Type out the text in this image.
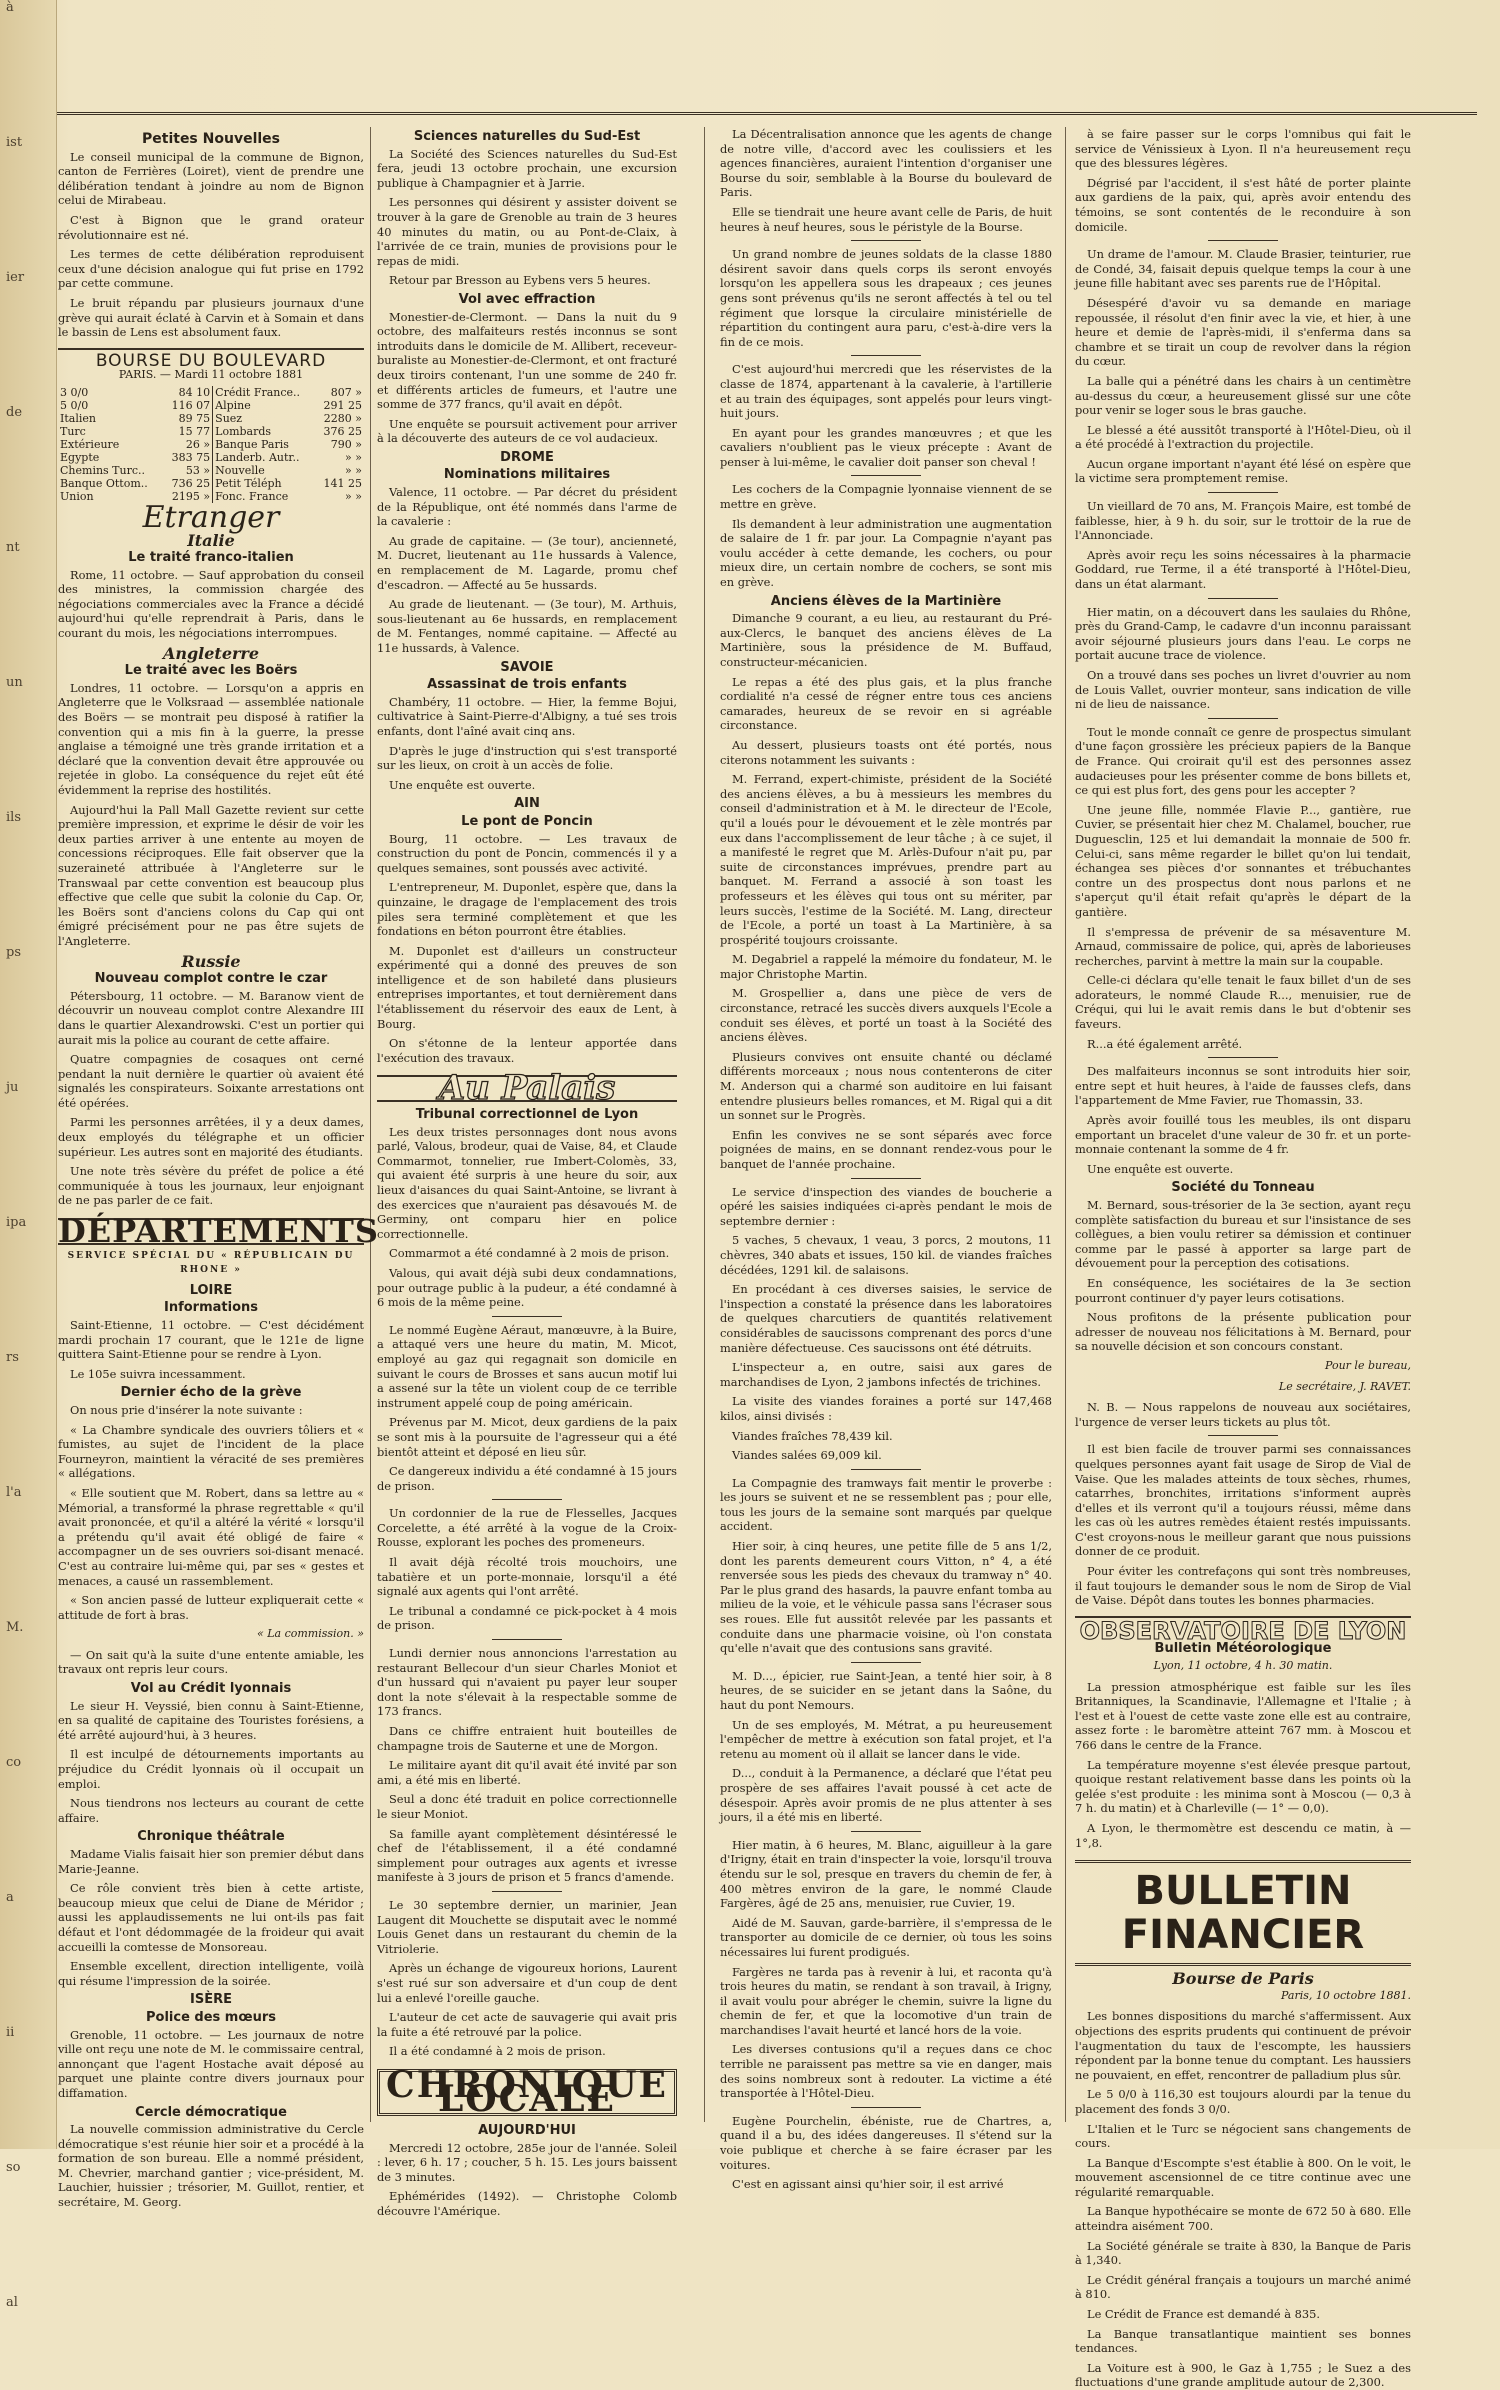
à
ist
ier
de
nt
un
ils
ps
ju
ipa
rs
l'a
M.
co
a
ii
so
al
Petites Nouvelles

Le conseil municipal de la commune de Bignon, canton de Ferrières (Loiret), vient de prendre une délibération tendant à joindre au nom de Bignon celui de Mirabeau.

C'est à Bignon que le grand orateur révolutionnaire est né.

Les termes de cette délibération reproduisent ceux d'une décision analogue qui fut prise en 1792 par cette commune.

Le bruit répandu par plusieurs journaux d'une grève qui aurait éclaté à Carvin et à Somain et dans le bassin de Lens est absolument faux.

BOURSE DU BOULEVARD
PARIS. — Mardi 11 octobre 1881
3 0/0	84 10	Crédit France..	807 »
5 0/0	116 07	Alpine	291 25
Italien	89 75	Suez	2280 »
Turc	15 77	Lombards	376 25
Extérieure	26 »	Banque Paris	790 »
Egypte	383 75	Landerb. Autr..	» »
Chemins Turc..	53 »	Nouvelle	» »
Banque Ottom..	736 25	Petit Téléph	141 25
Union	2195 »	Fonc. France	» »
Etranger
Italie
Le traité franco-italien

Rome, 11 octobre. — Sauf approbation du conseil des ministres, la commission chargée des négociations commerciales avec la France a décidé aujourd'hui qu'elle reprendrait à Paris, dans le courant du mois, les négociations interrompues.

Angleterre
Le traité avec les Boërs

Londres, 11 octobre. — Lorsqu'on a appris en Angleterre que le Volksraad — assemblée nationale des Boërs — se montrait peu disposé à ratifier la convention qui a mis fin à la guerre, la presse anglaise a témoigné une très grande irritation et a déclaré que la convention devait être approuvée ou rejetée in globo. La conséquence du rejet eût été évidemment la reprise des hostilités.

Aujourd'hui la Pall Mall Gazette revient sur cette première impression, et exprime le désir de voir les deux parties arriver à une entente au moyen de concessions réciproques. Elle fait observer que la suzeraineté attribuée à l'Angleterre sur le Transwaal par cette convention est beaucoup plus effective que celle que subit la colonie du Cap. Or, les Boërs sont d'anciens colons du Cap qui ont émigré précisément pour ne pas être sujets de l'Angleterre.

Russie
Nouveau complot contre le czar

Pétersbourg, 11 octobre. — M. Baranow vient de découvrir un nouveau complot contre Alexandre III dans le quartier Alexandrowski. C'est un portier qui aurait mis la police au courant de cette affaire.

Quatre compagnies de cosaques ont cerné pendant la nuit dernière le quartier où avaient été signalés les conspirateurs. Soixante arrestations ont été opérées.

Parmi les personnes arrêtées, il y a deux dames, deux employés du télégraphe et un officier supérieur. Les autres sont en majorité des étudiants.

Une note très sévère du préfet de police a été communiquée à tous les journaux, leur enjoignant de ne pas parler de ce fait.

DÉPARTEMENTS
SERVICE SPÉCIAL DU « RÉPUBLICAIN DU RHONE »
LOIRE
Informations

Saint-Etienne, 11 octobre. — C'est décidément mardi prochain 17 courant, que le 121e de ligne quittera Saint-Etienne pour se rendre à Lyon.

Le 105e suivra incessamment.

Dernier écho de la grève

On nous prie d'insérer la note suivante :

« La Chambre syndicale des ouvriers tôliers et « fumistes, au sujet de l'incident de la place Fourneyron, maintient la véracité de ses premières « allégations.

« Elle soutient que M. Robert, dans sa lettre au « Mémorial, a transformé la phrase regrettable « qu'il avait prononcée, et qu'il a altéré la vérité « lorsqu'il a prétendu qu'il avait été obligé de faire « accompagner un de ses ouvriers soi-disant menacé. C'est au contraire lui-même qui, par ses « gestes et menaces, a causé un rassemblement.

« Son ancien passé de lutteur expliquerait cette « attitude de fort à bras.

« La commission. »

— On sait qu'à la suite d'une entente amiable, les travaux ont repris leur cours.

Vol au Crédit lyonnais

Le sieur H. Veyssié, bien connu à Saint-Etienne, en sa qualité de capitaine des Touristes forésiens, a été arrêté aujourd'hui, à 3 heures.

Il est inculpé de détournements importants au préjudice du Crédit lyonnais où il occupait un emploi.

Nous tiendrons nos lecteurs au courant de cette affaire.

Chronique théâtrale

Madame Vialis faisait hier son premier début dans Marie-Jeanne.

Ce rôle convient très bien à cette artiste, beaucoup mieux que celui de Diane de Méridor ; aussi les applaudissements ne lui ont-ils pas fait défaut et l'ont dédommagée de la froideur qui avait accueilli la comtesse de Monsoreau.

Ensemble excellent, direction intelligente, voilà qui résume l'impression de la soirée.

ISÈRE
Police des mœurs

Grenoble, 11 octobre. — Les journaux de notre ville ont reçu une note de M. le commissaire central, annonçant que l'agent Hostache avait déposé au parquet une plainte contre divers journaux pour diffamation.

Cercle démocratique

La nouvelle commission administrative du Cercle démocratique s'est réunie hier soir et a procédé à la formation de son bureau. Elle a nommé président, M. Chevrier, marchand gantier ; vice-président, M. Lauchier, huissier ; trésorier, M. Guillot, rentier, et secrétaire, M. Georg.

Sciences naturelles du Sud-Est

La Société des Sciences naturelles du Sud-Est fera, jeudi 13 octobre prochain, une excursion publique à Champagnier et à Jarrie.

Les personnes qui désirent y assister doivent se trouver à la gare de Grenoble au train de 3 heures 40 minutes du matin, ou au Pont-de-Claix, à l'arrivée de ce train, munies de provisions pour le repas de midi.

Retour par Bresson au Eybens vers 5 heures.

Vol avec effraction

Monestier-de-Clermont. — Dans la nuit du 9 octobre, des malfaiteurs restés inconnus se sont introduits dans le domicile de M. Allibert, receveur-buraliste au Monestier-de-Clermont, et ont fracturé deux tiroirs contenant, l'un une somme de 240 fr. et différents articles de fumeurs, et l'autre une somme de 377 francs, qu'il avait en dépôt.

Une enquête se poursuit activement pour arriver à la découverte des auteurs de ce vol audacieux.

DROME
Nominations militaires

Valence, 11 octobre. — Par décret du président de la République, ont été nommés dans l'arme de la cavalerie :

Au grade de capitaine. — (3e tour), ancienneté, M. Ducret, lieutenant au 11e hussards à Valence, en remplacement de M. Lagarde, promu chef d'escadron. — Affecté au 5e hussards.

Au grade de lieutenant. — (3e tour), M. Arthuis, sous-lieutenant au 6e hussards, en remplacement de M. Fentanges, nommé capitaine. — Affecté au 11e hussards, à Valence.

SAVOIE
Assassinat de trois enfants

Chambéry, 11 octobre. — Hier, la femme Bojui, cultivatrice à Saint-Pierre-d'Albigny, a tué ses trois enfants, dont l'aîné avait cinq ans.

D'après le juge d'instruction qui s'est transporté sur les lieux, on croit à un accès de folie.

Une enquête est ouverte.

AIN
Le pont de Poncin

Bourg, 11 octobre. — Les travaux de construction du pont de Poncin, commencés il y a quelques semaines, sont poussés avec activité.

L'entrepreneur, M. Duponlet, espère que, dans la quinzaine, le dragage de l'emplacement des trois piles sera terminé complètement et que les fondations en béton pourront être établies.

M. Duponlet est d'ailleurs un constructeur expérimenté qui a donné des preuves de son intelligence et de son habileté dans plusieurs entreprises importantes, et tout dernièrement dans l'établissement du réservoir des eaux de Lent, à Bourg.

On s'étonne de la lenteur apportée dans l'exécution des travaux.

Au Palais
Tribunal correctionnel de Lyon

Les deux tristes personnages dont nous avons parlé, Valous, brodeur, quai de Vaise, 84, et Claude Commarmot, tonnelier, rue Imbert-Colomès, 33, qui avaient été surpris à une heure du soir, aux lieux d'aisances du quai Saint-Antoine, se livrant à des exercices que n'auraient pas désavoués M. de Germiny, ont comparu hier en police correctionnelle.

Commarmot a été condamné à 2 mois de prison.

Valous, qui avait déjà subi deux condamnations, pour outrage public à la pudeur, a été condamné à 6 mois de la même peine.

Le nommé Eugène Aéraut, manœuvre, à la Buire, a attaqué vers une heure du matin, M. Micot, employé au gaz qui regagnait son domicile en suivant le cours de Brosses et sans aucun motif lui a assené sur la tête un violent coup de ce terrible instrument appelé coup de poing américain.

Prévenus par M. Micot, deux gardiens de la paix se sont mis à la poursuite de l'agresseur qui a été bientôt atteint et déposé en lieu sûr.

Ce dangereux individu a été condamné à 15 jours de prison.

Un cordonnier de la rue de Flesselles, Jacques Corcelette, a été arrêté à la vogue de la Croix-Rousse, explorant les poches des promeneurs.

Il avait déjà récolté trois mouchoirs, une tabatière et un porte-monnaie, lorsqu'il a été signalé aux agents qui l'ont arrêté.

Le tribunal a condamné ce pick-pocket à 4 mois de prison.

Lundi dernier nous annoncions l'arrestation au restaurant Bellecour d'un sieur Charles Moniot et d'un hussard qui n'avaient pu payer leur souper dont la note s'élevait à la respectable somme de 173 francs.

Dans ce chiffre entraient huit bouteilles de champagne trois de Sauterne et une de Morgon.

Le militaire ayant dit qu'il avait été invité par son ami, a été mis en liberté.

Seul a donc été traduit en police correctionnelle le sieur Moniot.

Sa famille ayant complètement désintéressé le chef de l'établissement, il a été condamné simplement pour outrages aux agents et ivresse manifeste à 3 jours de prison et 5 francs d'amende.

Le 30 septembre dernier, un marinier, Jean Laugent dit Mouchette se disputait avec le nommé Louis Genet dans un restaurant du chemin de la Vitriolerie.

Après un échange de vigoureux horions, Laurent s'est rué sur son adversaire et d'un coup de dent lui a enlevé l'oreille gauche.

L'auteur de cet acte de sauvagerie qui avait pris la fuite a été retrouvé par la police.

Il a été condamné à 2 mois de prison.

CHRONIQUE LOCALE
AUJOURD'HUI

Mercredi 12 octobre, 285e jour de l'année. Soleil : lever, 6 h. 17 ; coucher, 5 h. 15. Les jours baissent de 3 minutes.

Ephémérides (1492). — Christophe Colomb découvre l'Amérique.

La Décentralisation annonce que les agents de change de notre ville, d'accord avec les coulissiers et les agences financières, auraient l'intention d'organiser une Bourse du soir, semblable à la Bourse du boulevard de Paris.

Elle se tiendrait une heure avant celle de Paris, de huit heures à neuf heures, sous le péristyle de la Bourse.

Un grand nombre de jeunes soldats de la classe 1880 désirent savoir dans quels corps ils seront envoyés lorsqu'on les appellera sous les drapeaux ; ces jeunes gens sont prévenus qu'ils ne seront affectés à tel ou tel régiment que lorsque la circulaire ministérielle de répartition du contingent aura paru, c'est-à-dire vers la fin de ce mois.

C'est aujourd'hui mercredi que les réservistes de la classe de 1874, appartenant à la cavalerie, à l'artillerie et au train des équipages, sont appelés pour leurs vingt-huit jours.

En ayant pour les grandes manœuvres ; et que les cavaliers n'oublient pas le vieux précepte : Avant de penser à lui-même, le cavalier doit panser son cheval !

Les cochers de la Compagnie lyonnaise viennent de se mettre en grève.

Ils demandent à leur administration une augmentation de salaire de 1 fr. par jour. La Compagnie n'ayant pas voulu accéder à cette demande, les cochers, ou pour mieux dire, un certain nombre de cochers, se sont mis en grève.

Anciens élèves de la Martinière

Dimanche 9 courant, a eu lieu, au restaurant du Pré-aux-Clercs, le banquet des anciens élèves de La Martinière, sous la présidence de M. Buffaud, constructeur-mécanicien.

Le repas a été des plus gais, et la plus franche cordialité n'a cessé de régner entre tous ces anciens camarades, heureux de se revoir en si agréable circonstance.

Au dessert, plusieurs toasts ont été portés, nous citerons notamment les suivants :

M. Ferrand, expert-chimiste, président de la Société des anciens élèves, a bu à messieurs les membres du conseil d'administration et à M. le directeur de l'Ecole, qu'il a loués pour le dévouement et le zèle montrés par eux dans l'accomplissement de leur tâche ; à ce sujet, il a manifesté le regret que M. Arlès-Dufour n'ait pu, par suite de circonstances imprévues, prendre part au banquet. M. Ferrand a associé à son toast les professeurs et les élèves qui tous ont su mériter, par leurs succès, l'estime de la Société. M. Lang, directeur de l'Ecole, a porté un toast à La Martinière, à sa prospérité toujours croissante.

M. Degabriel a rappelé la mémoire du fondateur, M. le major Christophe Martin.

M. Grospellier a, dans une pièce de vers de circonstance, retracé les succès divers auxquels l'Ecole a conduit ses élèves, et porté un toast à la Société des anciens élèves.

Plusieurs convives ont ensuite chanté ou déclamé différents morceaux ; nous nous contenterons de citer M. Anderson qui a charmé son auditoire en lui faisant entendre plusieurs belles romances, et M. Rigal qui a dit un sonnet sur le Progrès.

Enfin les convives ne se sont séparés avec force poignées de mains, en se donnant rendez-vous pour le banquet de l'année prochaine.

Le service d'inspection des viandes de boucherie a opéré les saisies indiquées ci-après pendant le mois de septembre dernier :

5 vaches, 5 chevaux, 1 veau, 3 porcs, 2 moutons, 11 chèvres, 340 abats et issues, 150 kil. de viandes fraîches décédées, 1291 kil. de salaisons.

En procédant à ces diverses saisies, le service de l'inspection a constaté la présence dans les laboratoires de quelques charcutiers de quantités relativement considérables de saucissons comprenant des porcs d'une manière défectueuse. Ces saucissons ont été détruits.

L'inspecteur a, en outre, saisi aux gares de marchandises de Lyon, 2 jambons infectés de trichines.

La visite des viandes foraines a porté sur 147,468 kilos, ainsi divisés :

Viandes fraîches 78,439 kil.

Viandes salées 69,009 kil.

La Compagnie des tramways fait mentir le proverbe : les jours se suivent et ne se ressemblent pas ; pour elle, tous les jours de la semaine sont marqués par quelque accident.

Hier soir, à cinq heures, une petite fille de 5 ans 1/2, dont les parents demeurent cours Vitton, n° 4, a été renversée sous les pieds des chevaux du tramway n° 40. Par le plus grand des hasards, la pauvre enfant tomba au milieu de la voie, et le véhicule passa sans l'écraser sous ses roues. Elle fut aussitôt relevée par les passants et conduite dans une pharmacie voisine, où l'on constata qu'elle n'avait que des contusions sans gravité.

M. D..., épicier, rue Saint-Jean, a tenté hier soir, à 8 heures, de se suicider en se jetant dans la Saône, du haut du pont Nemours.

Un de ses employés, M. Métrat, a pu heureusement l'empêcher de mettre à exécution son fatal projet, et l'a retenu au moment où il allait se lancer dans le vide.

D..., conduit à la Permanence, a déclaré que l'état peu prospère de ses affaires l'avait poussé à cet acte de désespoir. Après avoir promis de ne plus attenter à ses jours, il a été mis en liberté.

Hier matin, à 6 heures, M. Blanc, aiguilleur à la gare d'Irigny, était en train d'inspecter la voie, lorsqu'il trouva étendu sur le sol, presque en travers du chemin de fer, à 400 mètres environ de la gare, le nommé Claude Fargères, âgé de 25 ans, menuisier, rue Cuvier, 19.

Aidé de M. Sauvan, garde-barrière, il s'empressa de le transporter au domicile de ce dernier, où tous les soins nécessaires lui furent prodigués.

Fargères ne tarda pas à revenir à lui, et raconta qu'à trois heures du matin, se rendant à son travail, à Irigny, il avait voulu pour abréger le chemin, suivre la ligne du chemin de fer, et que la locomotive d'un train de marchandises l'avait heurté et lancé hors de la voie.

Les diverses contusions qu'il a reçues dans ce choc terrible ne paraissent pas mettre sa vie en danger, mais des soins nombreux sont à redouter. La victime a été transportée à l'Hôtel-Dieu.

Eugène Pourchelin, ébéniste, rue de Chartres, a, quand il a bu, des idées dangereuses. Il s'étend sur la voie publique et cherche à se faire écraser par les voitures.

C'est en agissant ainsi qu'hier soir, il est arrivé

à se faire passer sur le corps l'omnibus qui fait le service de Vénissieux à Lyon. Il n'a heureusement reçu que des blessures légères.

Dégrisé par l'accident, il s'est hâté de porter plainte aux gardiens de la paix, qui, après avoir entendu des témoins, se sont contentés de le reconduire à son domicile.

Un drame de l'amour. M. Claude Brasier, teinturier, rue de Condé, 34, faisait depuis quelque temps la cour à une jeune fille habitant avec ses parents rue de l'Hôpital.

Désespéré d'avoir vu sa demande en mariage repoussée, il résolut d'en finir avec la vie, et hier, à une heure et demie de l'après-midi, il s'enferma dans sa chambre et se tirait un coup de revolver dans la région du cœur.

La balle qui a pénétré dans les chairs à un centimètre au-dessus du cœur, a heureusement glissé sur une côte pour venir se loger sous le bras gauche.

Le blessé a été aussitôt transporté à l'Hôtel-Dieu, où il a été procédé à l'extraction du projectile.

Aucun organe important n'ayant été lésé on espère que la victime sera promptement remise.

Un vieillard de 70 ans, M. François Maire, est tombé de faiblesse, hier, à 9 h. du soir, sur le trottoir de la rue de l'Annonciade.

Après avoir reçu les soins nécessaires à la pharmacie Goddard, rue Terme, il a été transporté à l'Hôtel-Dieu, dans un état alarmant.

Hier matin, on a découvert dans les saulaies du Rhône, près du Grand-Camp, le cadavre d'un inconnu paraissant avoir séjourné plusieurs jours dans l'eau. Le corps ne portait aucune trace de violence.

On a trouvé dans ses poches un livret d'ouvrier au nom de Louis Vallet, ouvrier monteur, sans indication de ville ni de lieu de naissance.

Tout le monde connaît ce genre de prospectus simulant d'une façon grossière les précieux papiers de la Banque de France. Qui croirait qu'il est des personnes assez audacieuses pour les présenter comme de bons billets et, ce qui est plus fort, des gens pour les accepter ?

Une jeune fille, nommée Flavie P..., gantière, rue Cuvier, se présentait hier chez M. Chalamel, boucher, rue Duguesclin, 125 et lui demandait la monnaie de 500 fr. Celui-ci, sans même regarder le billet qu'on lui tendait, échangea ses pièces d'or sonnantes et trébuchantes contre un des prospectus dont nous parlons et ne s'aperçut qu'il était refait qu'après le départ de la gantière.

Il s'empressa de prévenir de sa mésaventure M. Arnaud, commissaire de police, qui, après de laborieuses recherches, parvint à mettre la main sur la coupable.

Celle-ci déclara qu'elle tenait le faux billet d'un de ses adorateurs, le nommé Claude R..., menuisier, rue de Créqui, qui lui le avait remis dans le but d'obtenir ses faveurs.

R...a été également arrêté.

Des malfaiteurs inconnus se sont introduits hier soir, entre sept et huit heures, à l'aide de fausses clefs, dans l'appartement de Mme Favier, rue Thomassin, 33.

Après avoir fouillé tous les meubles, ils ont disparu emportant un bracelet d'une valeur de 30 fr. et un porte-monnaie contenant la somme de 4 fr.

Une enquête est ouverte.

Société du Tonneau

M. Bernard, sous-trésorier de la 3e section, ayant reçu complète satisfaction du bureau et sur l'insistance de ses collègues, a bien voulu retirer sa démission et continuer comme par le passé à apporter sa large part de dévouement pour la perception des cotisations.

En conséquence, les sociétaires de la 3e section pourront continuer d'y payer leurs cotisations.

Nous profitons de la présente publication pour adresser de nouveau nos félicitations à M. Bernard, pour sa nouvelle décision et son concours constant.

Pour le bureau,
Le secrétaire, J. RAVET.

N. B. — Nous rappelons de nouveau aux sociétaires, l'urgence de verser leurs tickets au plus tôt.

Il est bien facile de trouver parmi ses connaissances quelques personnes ayant fait usage de Sirop de Vial de Vaise. Que les malades atteints de toux sèches, rhumes, catarrhes, bronchites, irritations s'informent auprès d'elles et ils verront qu'il a toujours réussi, même dans les cas où les autres remèdes étaient restés impuissants. C'est croyons-nous le meilleur garant que nous puissions donner de ce produit.

Pour éviter les contrefaçons qui sont très nombreuses, il faut toujours le demander sous le nom de Sirop de Vial de Vaise. Dépôt dans toutes les bonnes pharmacies.

OBSERVATOIRE DE LYON
Bulletin Météorologique
Lyon, 11 octobre, 4 h. 30 matin.

La pression atmosphérique est faible sur les îles Britanniques, la Scandinavie, l'Allemagne et l'Italie ; à l'est et à l'ouest de cette vaste zone elle est au contraire, assez forte : le baromètre atteint 767 mm. à Moscou et 766 dans le centre de la France.

La température moyenne s'est élevée presque partout, quoique restant relativement basse dans les points où la gelée s'est produite : les minima sont à Moscou (— 0,3 à 7 h. du matin) et à Charleville (— 1° — 0,0).

A Lyon, le thermomètre est descendu ce matin, à — 1°,8.

BULLETIN FINANCIER
Bourse de Paris
Paris, 10 octobre 1881.

Les bonnes dispositions du marché s'affermissent. Aux objections des esprits prudents qui continuent de prévoir l'augmentation du taux de l'escompte, les haussiers répondent par la bonne tenue du comptant. Les haussiers ne pouvaient, en effet, rencontrer de palladium plus sûr.

Le 5 0/0 à 116,30 est toujours alourdi par la tenue du placement des fonds 3 0/0.

L'Italien et le Turc se négocient sans changements de cours.

La Banque d'Escompte s'est établie à 800. On le voit, le mouvement ascensionnel de ce titre continue avec une régularité remarquable.

La Banque hypothécaire se monte de 672 50 à 680. Elle atteindra aisément 700.

La Société générale se traite à 830, la Banque de Paris à 1,340.

Le Crédit général français a toujours un marché animé à 810.

Le Crédit de France est demandé à 835.

La Banque transatlantique maintient ses bonnes tendances.

La Voiture est à 900, le Gaz à 1,755 ; le Suez a des fluctuations d'une grande amplitude autour de 2,300.
